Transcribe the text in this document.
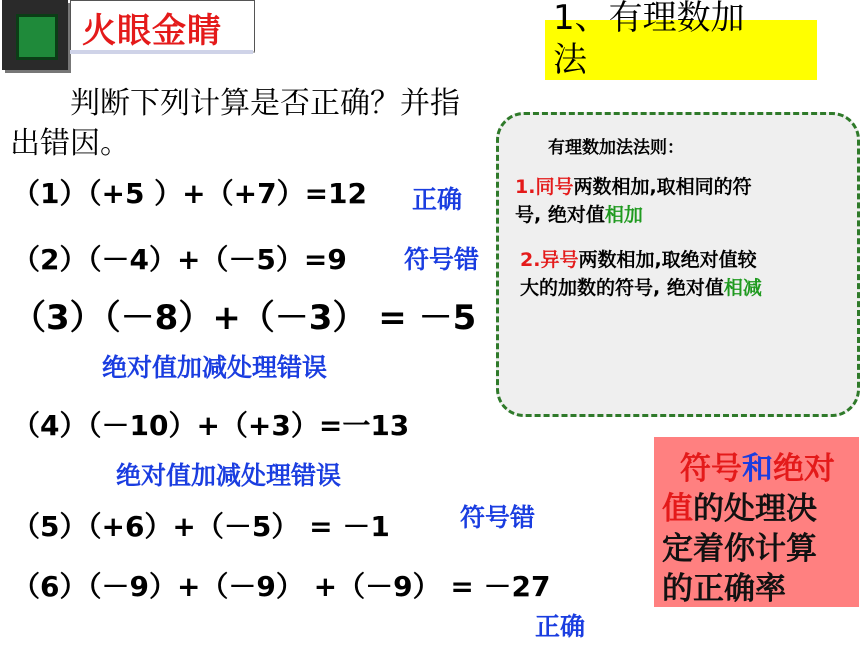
火眼金睛	1、有理数加
法
判断下列计算是否正确？并指
出错因。	有理数加法法则：
1.同号两数相加,取相同的符
号, 绝对值相加
2.异号两数相加,取绝对值较
大的加数的符号, 绝对值相减
（1）（+5 ）+（+7）=12 正确
（2）（－4）+（－5）=9 符号错
（3）（－8）+（－3） = －5
绝对值加减处理错误
（4）（－10）+（+3）=一13
绝对值加减处理错误
（5）（+6）+（－5） = －1	符号错
（6）（－9）+（－9） +（－9） = －27
正确
符号和绝对
值的处理决
定着你计算
的正确率
